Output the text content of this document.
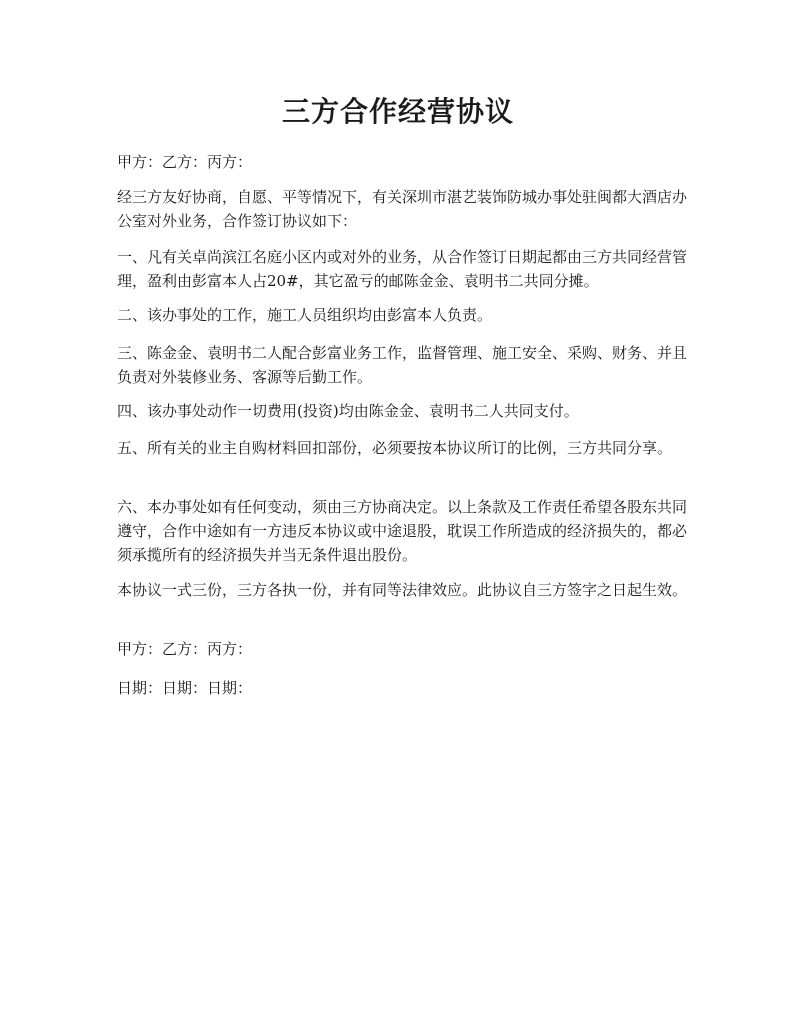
三方合作经营协议

甲方：乙方：丙方：

经三方友好协商，自愿、平等情况下，有关深圳市湛艺装饰防城办事处驻闽都大酒店办公室对外业务，合作签订协议如下：

一、凡有关卓尚滨江名庭小区内或对外的业务，从合作签订日期起都由三方共同经营管理，盈利由彭富本人占20#，其它盈亏的邮陈金金、袁明书二共同分摊。

二、该办事处的工作，施工人员组织均由彭富本人负责。

三、陈金金、袁明书二人配合彭富业务工作，监督管理、施工安全、采购、财务、并且负责对外装修业务、客源等后勤工作。

四、该办事处动作一切费用(投资)均由陈金金、袁明书二人共同支付。

五、所有关的业主自购材料回扣部份，必须要按本协议所订的比例，三方共同分享。

六、本办事处如有任何变动，须由三方协商决定。以上条款及工作责任希望各股东共同遵守，合作中途如有一方违反本协议或中途退股，耽误工作所造成的经济损失的，都必须承揽所有的经济损失并当无条件退出股份。

本协议一式三份，三方各执一份，并有同等法律效应。此协议自三方签字之日起生效。

甲方：乙方：丙方：

日期：日期：日期：
